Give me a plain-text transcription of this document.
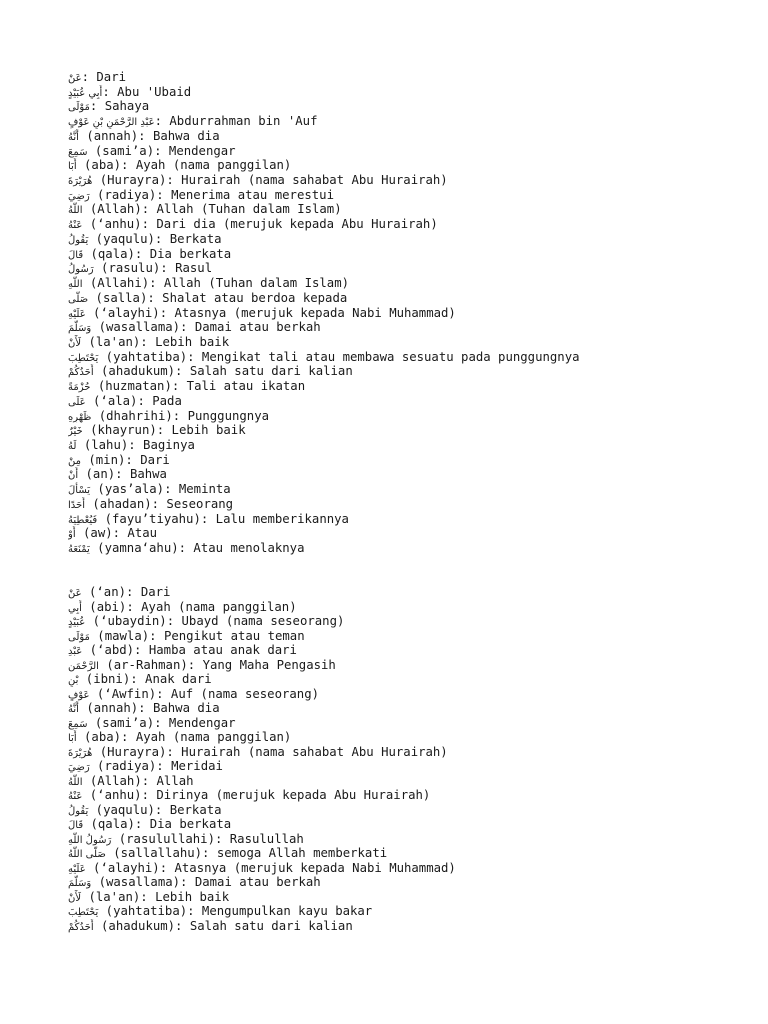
عَنْ: Dari
أَبِي عُبَيْدٍ: Abu 'Ubaid
مَوْلَى: Sahaya
عَبْدِ الرَّحْمَنِ بْنِ عَوْفٍ: Abdurrahman bin 'Auf
أَنَّهُ (annah): Bahwa dia
سَمِعَ (sami’a): Mendengar
أَبَا (aba): Ayah (nama panggilan)
هُرَيْرَةَ (Hurayra): Hurairah (nama sahabat Abu Hurairah)
رَضِيَ (radiya): Menerima atau merestui
اللَّهُ (Allah): Allah (Tuhan dalam Islam)
عَنْهُ (‘anhu): Dari dia (merujuk kepada Abu Hurairah)
يَقُولُ (yaqulu): Berkata
قَالَ (qala): Dia berkata
رَسُولُ (rasulu): Rasul
اللَّهِ (Allahi): Allah (Tuhan dalam Islam)
صَلَّى (salla): Shalat atau berdoa kepada
عَلَيْهِ (‘alayhi): Atasnya (merujuk kepada Nabi Muhammad)
وَسَلَّمَ (wasallama): Damai atau berkah
لَأَنْ (la'an): Lebih baik
يَحْتَطِبَ (yahtatiba): Mengikat tali atau membawa sesuatu pada punggungnya
أَحَدُكُمْ (ahadukum): Salah satu dari kalian
حُزْمَةً (huzmatan): Tali atau ikatan
عَلَى (‘ala): Pada
ظَهْرِهِ (dhahrihi): Punggungnya
خَيْرٌ (khayrun): Lebih baik
لَهُ (lahu): Baginya
مِنْ (min): Dari
أَنْ (an): Bahwa
يَسْأَلَ (yas’ala): Meminta
أَحَدًا (ahadan): Seseorang
فَيُعْطِيَهُ (fayu’tiyahu): Lalu memberikannya
أَوْ (aw): Atau
يَمْنَعَهُ (yamna‘ahu): Atau menolaknya
عَنْ (‘an): Dari
أَبِي (abi): Ayah (nama panggilan)
عُبَيْدٍ (‘ubaydin): Ubayd (nama seseorang)
مَوْلَى (mawla): Pengikut atau teman
عَبْدِ (‘abd): Hamba atau anak dari
الرَّحْمَنِ (ar-Rahman): Yang Maha Pengasih
بْنِ (ibni): Anak dari
عَوْفٍ (‘Awfin): Auf (nama seseorang)
أَنَّهُ (annah): Bahwa dia
سَمِعَ (sami’a): Mendengar
أَبَا (aba): Ayah (nama panggilan)
هُرَيْرَةَ (Hurayra): Hurairah (nama sahabat Abu Hurairah)
رَضِيَ (radiya): Meridai
اللَّهُ (Allah): Allah
عَنْهُ (‘anhu): Dirinya (merujuk kepada Abu Hurairah)
يَقُولُ (yaqulu): Berkata
قَالَ (qala): Dia berkata
رَسُولُ اللَّهِ (rasulullahi): Rasulullah
صَلَّى اللَّهُ (sallallahu): semoga Allah memberkati
عَلَيْهِ (‘alayhi): Atasnya (merujuk kepada Nabi Muhammad)
وَسَلَّمَ (wasallama): Damai atau berkah
لَأَنْ (la'an): Lebih baik
يَحْتَطِبَ (yahtatiba): Mengumpulkan kayu bakar
أَحَدُكُمْ (ahadukum): Salah satu dari kalian
